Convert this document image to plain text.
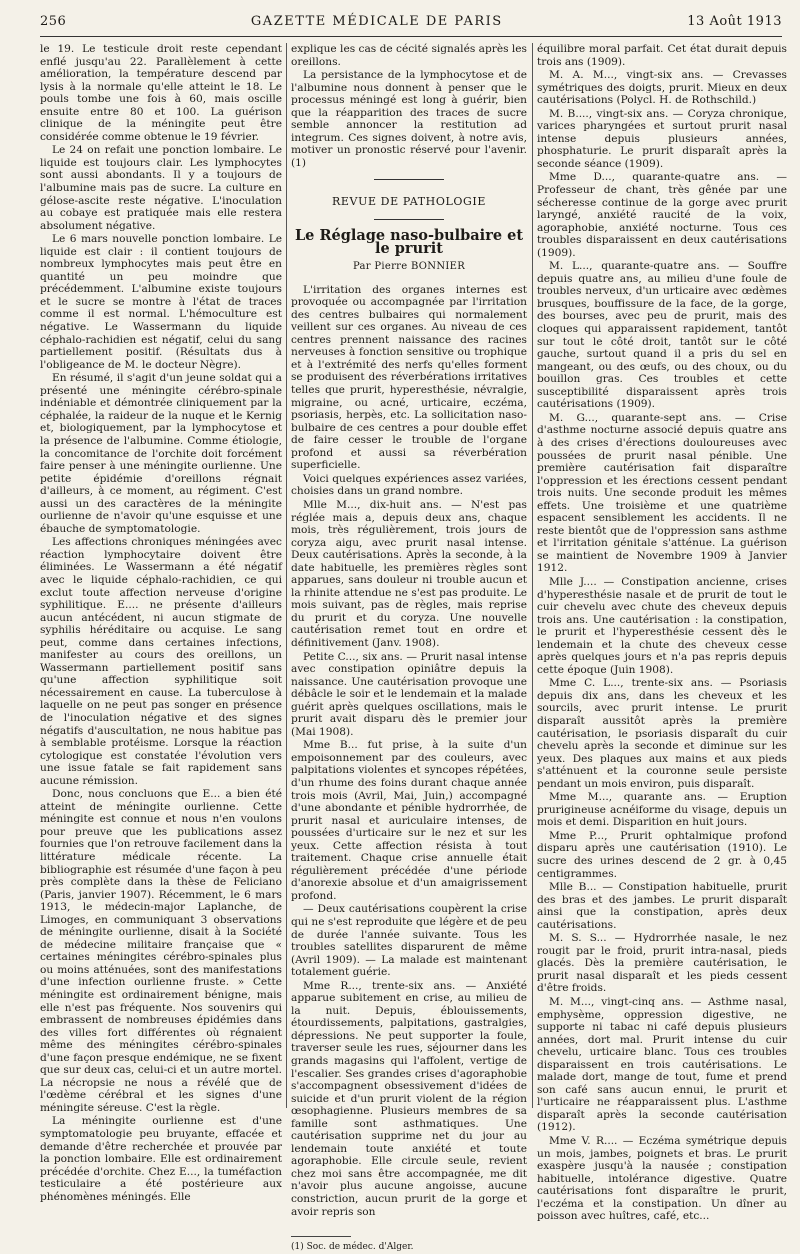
256	GAZETTE MÉDICALE DE PARIS	13 Août 1913

le 19. Le testicule droit reste cependant enflé jusqu'au 22. Parallèlement à cette amélioration, la température descend par lysis à la normale qu'elle atteint le 18. Le pouls tombe une fois à 60, mais oscille ensuite entre 80 et 100. La guérison clinique de la méningite peut être considérée comme obtenue le 19 février.

Le 24 on refait une ponction lombaire. Le liquide est toujours clair. Les lymphocytes sont aussi abondants. Il y a toujours de l'albumine mais pas de sucre. La culture en gélose-ascite reste négative. L'inoculation au cobaye est pratiquée mais elle restera absolument négative.

Le 6 mars nouvelle ponction lombaire. Le liquide est clair : il contient toujours de nombreux lymphocytes mais peut être en quantité un peu moindre que précédemment. L'albumine existe toujours et le sucre se montre à l'état de traces comme il est normal. L'hémoculture est négative. Le Wassermann du liquide céphalo-rachidien est négatif, celui du sang partiellement positif. (Résultats dus à l'obligeance de M. le docteur Nègre).

En résumé, il s'agit d'un jeune soldat qui a présenté une méningite cérébro-spinale indéniable et démontrée cliniquement par la céphalée, la raideur de la nuque et le Kernig et, biologiquement, par la lymphocytose et la présence de l'albumine. Comme étiologie, la concomitance de l'orchite doit forcément faire penser à une méningite ourlienne. Une petite épidémie d'oreillons régnait d'ailleurs, à ce moment, au régiment. C'est aussi un des caractères de la méningite ourlienne de n'avoir qu'une esquisse et une ébauche de symptomatologie.

Les affections chroniques méningées avec réaction lymphocytaire doivent être éliminées. Le Wassermann a été négatif avec le liquide céphalo-rachidien, ce qui exclut toute affection nerveuse d'origine syphilitique. E.... ne présente d'ailleurs aucun antécédent, ni aucun stigmate de syphilis héréditaire ou acquise. Le sang peut, comme dans certaines infections, manifester au cours des oreillons, un Wassermann partiellement positif sans qu'une affection syphilitique soit nécessairement en cause. La tuberculose à laquelle on ne peut pas songer en présence de l'inoculation négative et des signes négatifs d'auscultation, ne nous habitue pas à semblable protéisme. Lorsque la réaction cytologique est constatée l'évolution vers une issue fatale se fait rapidement sans aucune rémission.

Donc, nous concluons que E... a bien été atteint de méningite ourlienne. Cette méningite est connue et nous n'en voulons pour preuve que les publications assez fournies que l'on retrouve facilement dans la littérature médicale récente. La bibliographie est résumée d'une façon à peu près complète dans la thèse de Feliciano (Paris, janvier 1907). Récemment, le 6 mars 1913, le médecin-major Laplanche, de Limoges, en communiquant 3 observations de méningite ourlienne, disait à la Société de médecine militaire française que « certaines méningites cérébro-spinales plus ou moins atténuées, sont des manifestations d'une infection ourlienne fruste. » Cette méningite est ordinairement bénigne, mais elle n'est pas fréquente. Nos souvenirs qui embrassent de nombreuses épidémies dans des villes fort différentes où régnaient même des méningites cérébro-spinales d'une façon presque endémique, ne se fixent que sur deux cas, celui-ci et un autre mortel. La nécropsie ne nous a révélé que de l'œdème cérébral et les signes d'une méningite séreuse. C'est la règle.

La méningite ourlienne est d'une symptomatologie peu bruyante, effacée et demande d'être recherchée et prouvée par la ponction lombaire. Elle est ordinairement précédée d'orchite. Chez E..., la tuméfaction testiculaire a été postérieure aux phénomènes méningés. Elle

explique les cas de cécité signalés après les oreillons.

La persistance de la lymphocytose et de l'albumine nous donnent à penser que le processus méningé est long à guérir, bien que la réapparition des traces de sucre semble annoncer la restitution ad integrum. Ces signes doivent, à notre avis, motiver un pronostic réservé pour l'avenir. (1)

REVUE DE PATHOLOGIE
Le Réglage naso-bulbaire et le prurit
Par Pierre BONNIER

L'irritation des organes internes est provoquée ou accompagnée par l'irritation des centres bulbaires qui normalement veillent sur ces organes. Au niveau de ces centres prennent naissance des racines nerveuses à fonction sensitive ou trophique et à l'extrémité des nerfs qu'elles forment se produisent des réverbérations irritatives telles que prurit, hyperesthésie, névralgie, migraine, ou acné, urticaire, eczéma, psoriasis, herpès, etc. La sollicitation naso-bulbaire de ces centres a pour double effet de faire cesser le trouble de l'organe profond et aussi sa réverbération superficielle.

Voici quelques expériences assez variées, choisies dans un grand nombre.

Mlle M..., dix-huit ans. — N'est pas réglée mais a, depuis deux ans, chaque mois, très régulièrement, trois jours de coryza aigu, avec prurit nasal intense. Deux cautérisations. Après la seconde, à la date habituelle, les premières règles sont apparues, sans douleur ni trouble aucun et la rhinite attendue ne s'est pas produite. Le mois suivant, pas de règles, mais reprise du prurit et du coryza. Une nouvelle cautérisation remet tout en ordre et définitivement (Janv. 1908).

Petite C..., six ans. — Prurit nasal intense avec constipation opiniâtre depuis la naissance. Une cautérisation provoque une débâcle le soir et le lendemain et la malade guérit après quelques oscillations, mais le prurit avait disparu dès le premier jour (Mai 1908).

Mme B... fut prise, à la suite d'un empoisonnement par des couleurs, avec palpitations violentes et syncopes répétées, d'un rhume des foins durant chaque année trois mois (Avril, Mai, Juin,) accompagné d'une abondante et pénible hydrorrhée, de prurit nasal et auriculaire intenses, de poussées d'urticaire sur le nez et sur les yeux. Cette affection résista à tout traitement. Chaque crise annuelle était régulièrement précédée d'une période d'anorexie absolue et d'un amaigrissement profond.

— Deux cautérisations coupèrent la crise qui ne s'est reproduite que légère et de peu de durée l'année suivante. Tous les troubles satellites disparurent de même (Avril 1909). — La malade est maintenant totalement guérie.

Mme R..., trente-six ans. — Anxiété apparue subitement en crise, au milieu de la nuit. Depuis, éblouissements, étourdissements, palpitations, gastralgies, dépressions. Ne peut supporter la foule, traverser seule les rues, séjourner dans les grands magasins qui l'affolent, vertige de l'escalier. Ses grandes crises d'agoraphobie s'accompagnent obsessivement d'idées de suicide et d'un prurit violent de la région œsophagienne. Plusieurs membres de sa famille sont asthmatiques. Une cautérisation supprime net du jour au lendemain toute anxiété et toute agoraphobie. Elle circule seule, revient chez moi sans être accompagnée, me dit n'avoir plus aucune angoisse, aucune constriction, aucun prurit de la gorge et avoir repris son

(1) Soc. de médec. d'Alger.

équilibre moral parfait. Cet état durait depuis trois ans (1909).

M. A. M..., vingt-six ans. — Crevasses symétriques des doigts, prurit. Mieux en deux cautérisations (Polycl. H. de Rothschild.)

M. B...., vingt-six ans. — Coryza chronique, varices pharyngées et surtout prurit nasal intense depuis plusieurs années, phosphaturie. Le prurit disparaît après la seconde séance (1909).

Mme D..., quarante-quatre ans. — Professeur de chant, très gênée par une sécheresse continue de la gorge avec prurit laryngé, anxiété raucité de la voix, agoraphobie, anxiété nocturne. Tous ces troubles disparaissent en deux cautérisations (1909).

M. L..., quarante-quatre ans. — Souffre depuis quatre ans, au milieu d'une foule de troubles nerveux, d'un urticaire avec œdèmes brusques, bouffissure de la face, de la gorge, des bourses, avec peu de prurit, mais des cloques qui apparaissent rapidement, tantôt sur tout le côté droit, tantôt sur le côté gauche, surtout quand il a pris du sel en mangeant, ou des œufs, ou des choux, ou du bouillon gras. Ces troubles et cette susceptibilité disparaissent après trois cautérisations (1909).

M. G..., quarante-sept ans. — Crise d'asthme nocturne associé depuis quatre ans à des crises d'érections douloureuses avec poussées de prurit nasal pénible. Une première cautérisation fait disparaître l'oppression et les érections cessent pendant trois nuits. Une seconde produit les mêmes effets. Une troisième et une quatrième espacent sensiblement les accidents. Il ne reste bientôt que de l'oppression sans asthme et l'irritation génitale s'atténue. La guérison se maintient de Novembre 1909 à Janvier 1912.

Mlle J.... — Constipation ancienne, crises d'hyperesthésie nasale et de prurit de tout le cuir chevelu avec chute des cheveux depuis trois ans. Une cautérisation : la constipation, le prurit et l'hyperesthésie cessent dès le lendemain et la chute des cheveux cesse après quelques jours et n'a pas repris depuis cette époque (Juin 1908).

Mme C. L..., trente-six ans. — Psoriasis depuis dix ans, dans les cheveux et les sourcils, avec prurit intense. Le prurit disparaît aussitôt après la première cautérisation, le psoriasis disparaît du cuir chevelu après la seconde et diminue sur les yeux. Des plaques aux mains et aux pieds s'atténuent et la couronne seule persiste pendant un mois environ, puis disparaît.

Mme M..., quarante ans. — Eruption prurigineuse acnéiforme du visage, depuis un mois et demi. Disparition en huit jours.

Mme P..., Prurit ophtalmique profond disparu après une cautérisation (1910). Le sucre des urines descend de 2 gr. à 0,45 centigrammes.

Mlle B... — Constipation habituelle, prurit des bras et des jambes. Le prurit disparaît ainsi que la constipation, après deux cautérisations.

M. S. S... — Hydrorrhée nasale, le nez rougit par le froid, prurit intra-nasal, pieds glacés. Dès la première cautérisation, le prurit nasal disparaît et les pieds cessent d'être froids.

M. M..., vingt-cinq ans. — Asthme nasal, emphysème, oppression digestive, ne supporte ni tabac ni café depuis plusieurs années, dort mal. Prurit intense du cuir chevelu, urticaire blanc. Tous ces troubles disparaissent en trois cautérisations. Le malade dort, mange de tout, fume et prend son café sans aucun ennui, le prurit et l'urticaire ne réapparaissent plus. L'asthme disparaît après la seconde cautérisation (1912).

Mme V. R.... — Eczéma symétrique depuis un mois, jambes, poignets et bras. Le prurit exaspère jusqu'à la nausée ; constipation habituelle, intolérance digestive. Quatre cautérisations font disparaître le prurit, l'eczéma et la constipation. Un dîner au poisson avec huîtres, café, etc...
